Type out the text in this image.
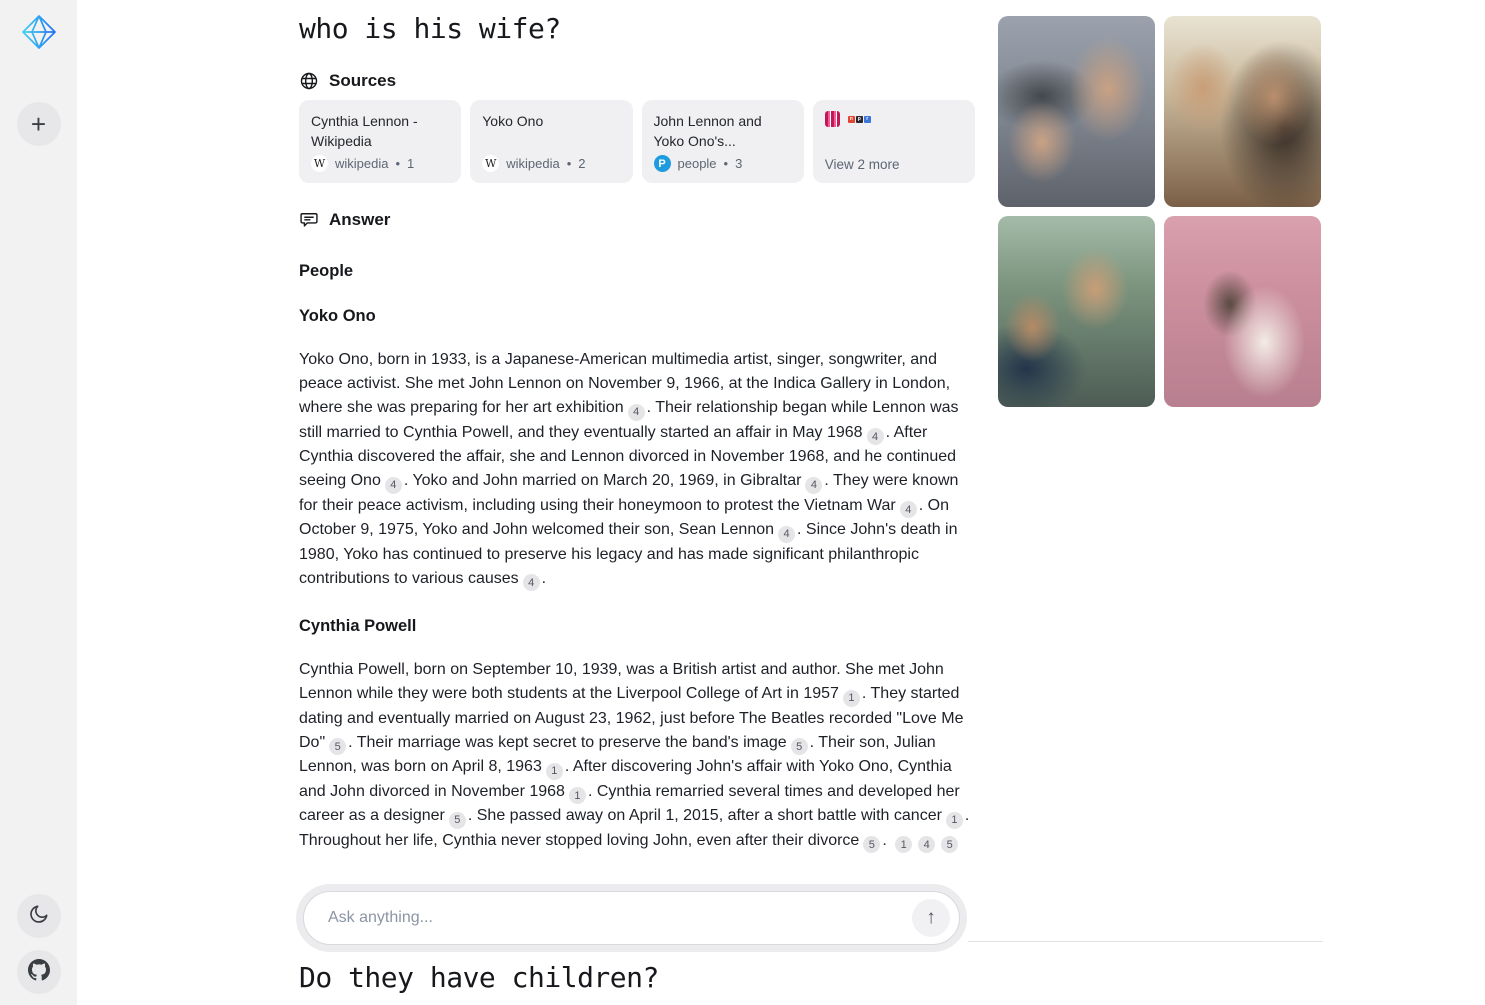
+
who is his wife?
Sources
Cynthia Lennon - Wikipedia
W wikipedia • 1
Yoko Ono
W wikipedia • 2
John Lennon and Yoko Ono's...
P people • 3
n p	r
View 2 more
Answer
People
Yoko Ono

Yoko Ono, born in 1933, is a Japanese-American multimedia artist, singer, songwriter, and peace activist. She met John Lennon on November 9, 1966, at the Indica Gallery in London, where she was preparing for her art exhibition 4 . Their relationship began while Lennon was still married to Cynthia Powell, and they eventually started an affair in May 1968 4 . After Cynthia discovered the affair, she and Lennon divorced in November 1968, and he continued seeing Ono 4 . Yoko and John married on March 20, 1969, in Gibraltar 4 . They were known for their peace activism, including using their honeymoon to protest the Vietnam War 4 . On October 9, 1975, Yoko and John welcomed their son, Sean Lennon 4 . Since John's death in 1980, Yoko has continued to preserve his legacy and has made significant philanthropic contributions to various causes 4 .

Cynthia Powell

Cynthia Powell, born on September 10, 1939, was a British artist and author. She met John Lennon while they were both students at the Liverpool College of Art in 1957 1 . They started dating and eventually married on August 23, 1962, just before The Beatles recorded "Love Me Do" 5 . Their marriage was kept secret to preserve the band's image 5 . Their son, Julian Lennon, was born on April 8, 1963 1 . After discovering John's affair with Yoko Ono, Cynthia and John divorced in November 1968 1 . Cynthia remarried several times and developed her career as a designer 5 . She passed away on April 1, 2015, after a short battle with cancer 1 . Throughout her life, Cynthia never stopped loving John, even after their divorce 5 . 1 4 5

Ask anything...
↑
Do they have children?
